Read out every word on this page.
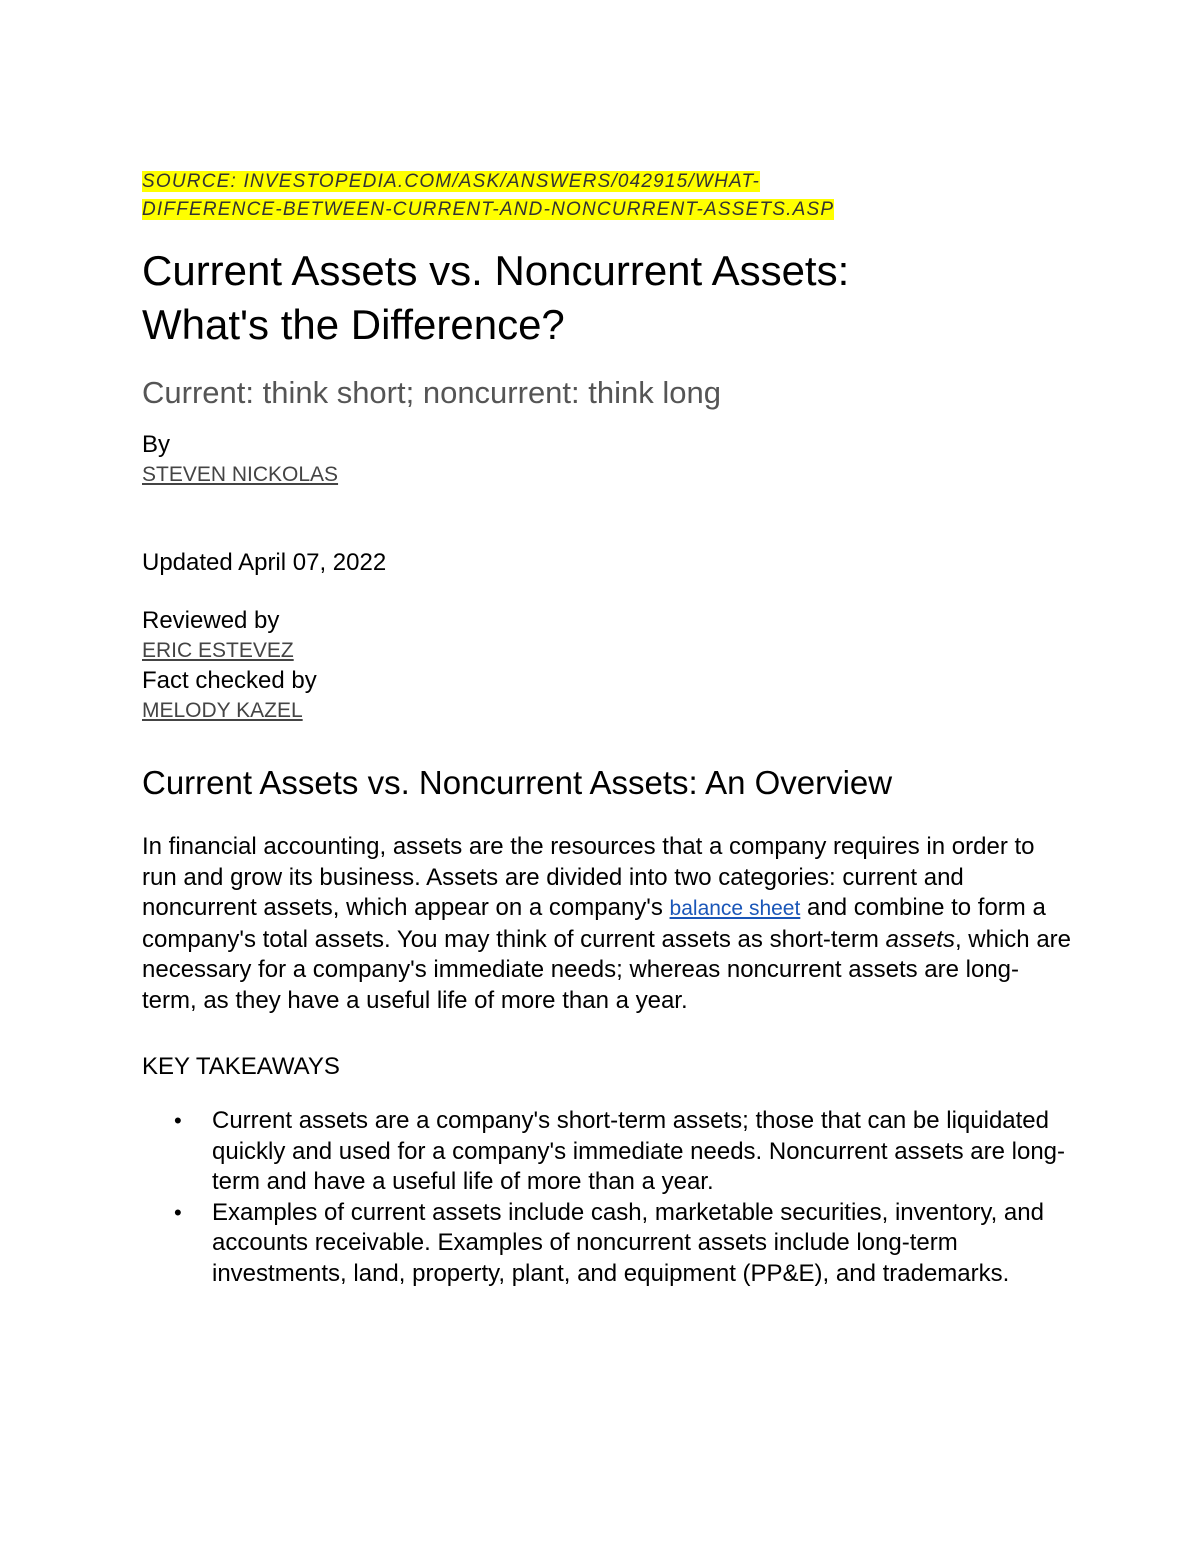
SOURCE: INVESTOPEDIA.COM/ASK/ANSWERS/042915/WHAT-
DIFFERENCE-BETWEEN-CURRENT-AND-NONCURRENT-ASSETS.ASP

Current Assets vs. Noncurrent Assets:
What's the Difference?

Current: think short; noncurrent: think long

By

STEVEN NICKOLAS

Updated April 07, 2022

Reviewed by

ERIC ESTEVEZ

Fact checked by

MELODY KAZEL
Current Assets vs. Noncurrent Assets: An Overview

In financial accounting, assets are the resources that a company requires in order to run and grow its business. Assets are divided into two categories: current and noncurrent assets, which appear on a company's balance sheet and combine to form a company's total assets. You may think of current assets as short-term assets, which are necessary for a company's immediate needs; whereas noncurrent assets are long-term, as they have a useful life of more than a year.

KEY TAKEAWAYS

• Current assets are a company's short-term assets; those that can be liquidated quickly and used for a company's immediate needs. Noncurrent assets are long-term and have a useful life of more than a year.
• Examples of current assets include cash, marketable securities, inventory, and accounts receivable. Examples of noncurrent assets include long-term investments, land, property, plant, and equipment (PP&E), and trademarks.
